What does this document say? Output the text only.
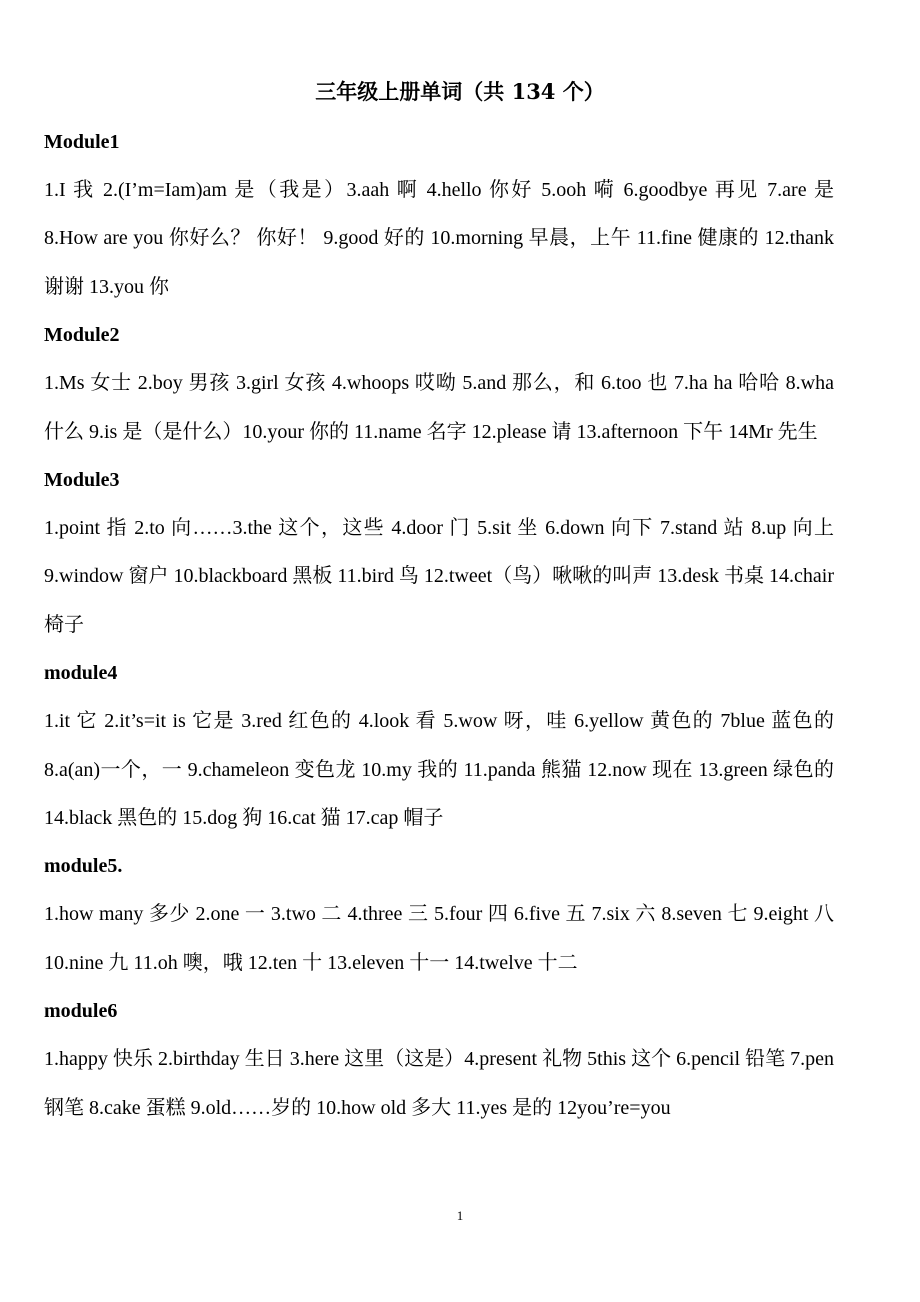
三年级上册单词（共 134 个）
Module1

1.I 我 2.(I’m=Iam)am 是（我是）3.aah 啊 4.hello 你好 5.ooh 嗬 6.goodbye 再见 7.are 是 8.How are you 你好么？ 你好！ 9.good 好的 10.morning 早晨，上午 11.fine 健康的 12.thank 谢谢 13.you 你

Module2

1.Ms 女士 2.boy 男孩 3.girl 女孩 4.whoops 哎呦 5.and 那么，和 6.too 也 7.ha ha 哈哈 8.wha 什么 9.is 是（是什么）10.your 你的 11.name 名字 12.please 请 13.afternoon 下午 14Mr 先生

Module3

1.point 指 2.to 向……3.the 这个，这些 4.door 门 5.sit 坐 6.down 向下 7.stand 站 8.up 向上 9.window 窗户 10.blackboard 黑板 11.bird 鸟 12.tweet（鸟）啾啾的叫声 13.desk 书桌 14.chair 椅子

module4

1.it 它 2.it’s=it is 它是 3.red 红色的 4.look 看 5.wow 呀，哇 6.yellow 黄色的 7blue 蓝色的 8.a(an)一个，一 9.chameleon 变色龙 10.my 我的 11.panda 熊猫 12.now 现在 13.green 绿色的 14.black 黑色的 15.dog 狗 16.cat 猫 17.cap 帽子

module5.

1.how many 多少 2.one 一 3.two 二 4.three 三 5.four 四 6.five 五 7.six 六 8.seven 七 9.eight 八 10.nine 九 11.oh 噢，哦 12.ten 十 13.eleven 十一 14.twelve 十二

module6

1.happy 快乐 2.birthday 生日 3.here 这里（这是）4.present 礼物 5this 这个 6.pencil 铅笔 7.pen 钢笔 8.cake 蛋糕 9.old……岁的 10.how old 多大 11.yes 是的 12you’re=you

1
